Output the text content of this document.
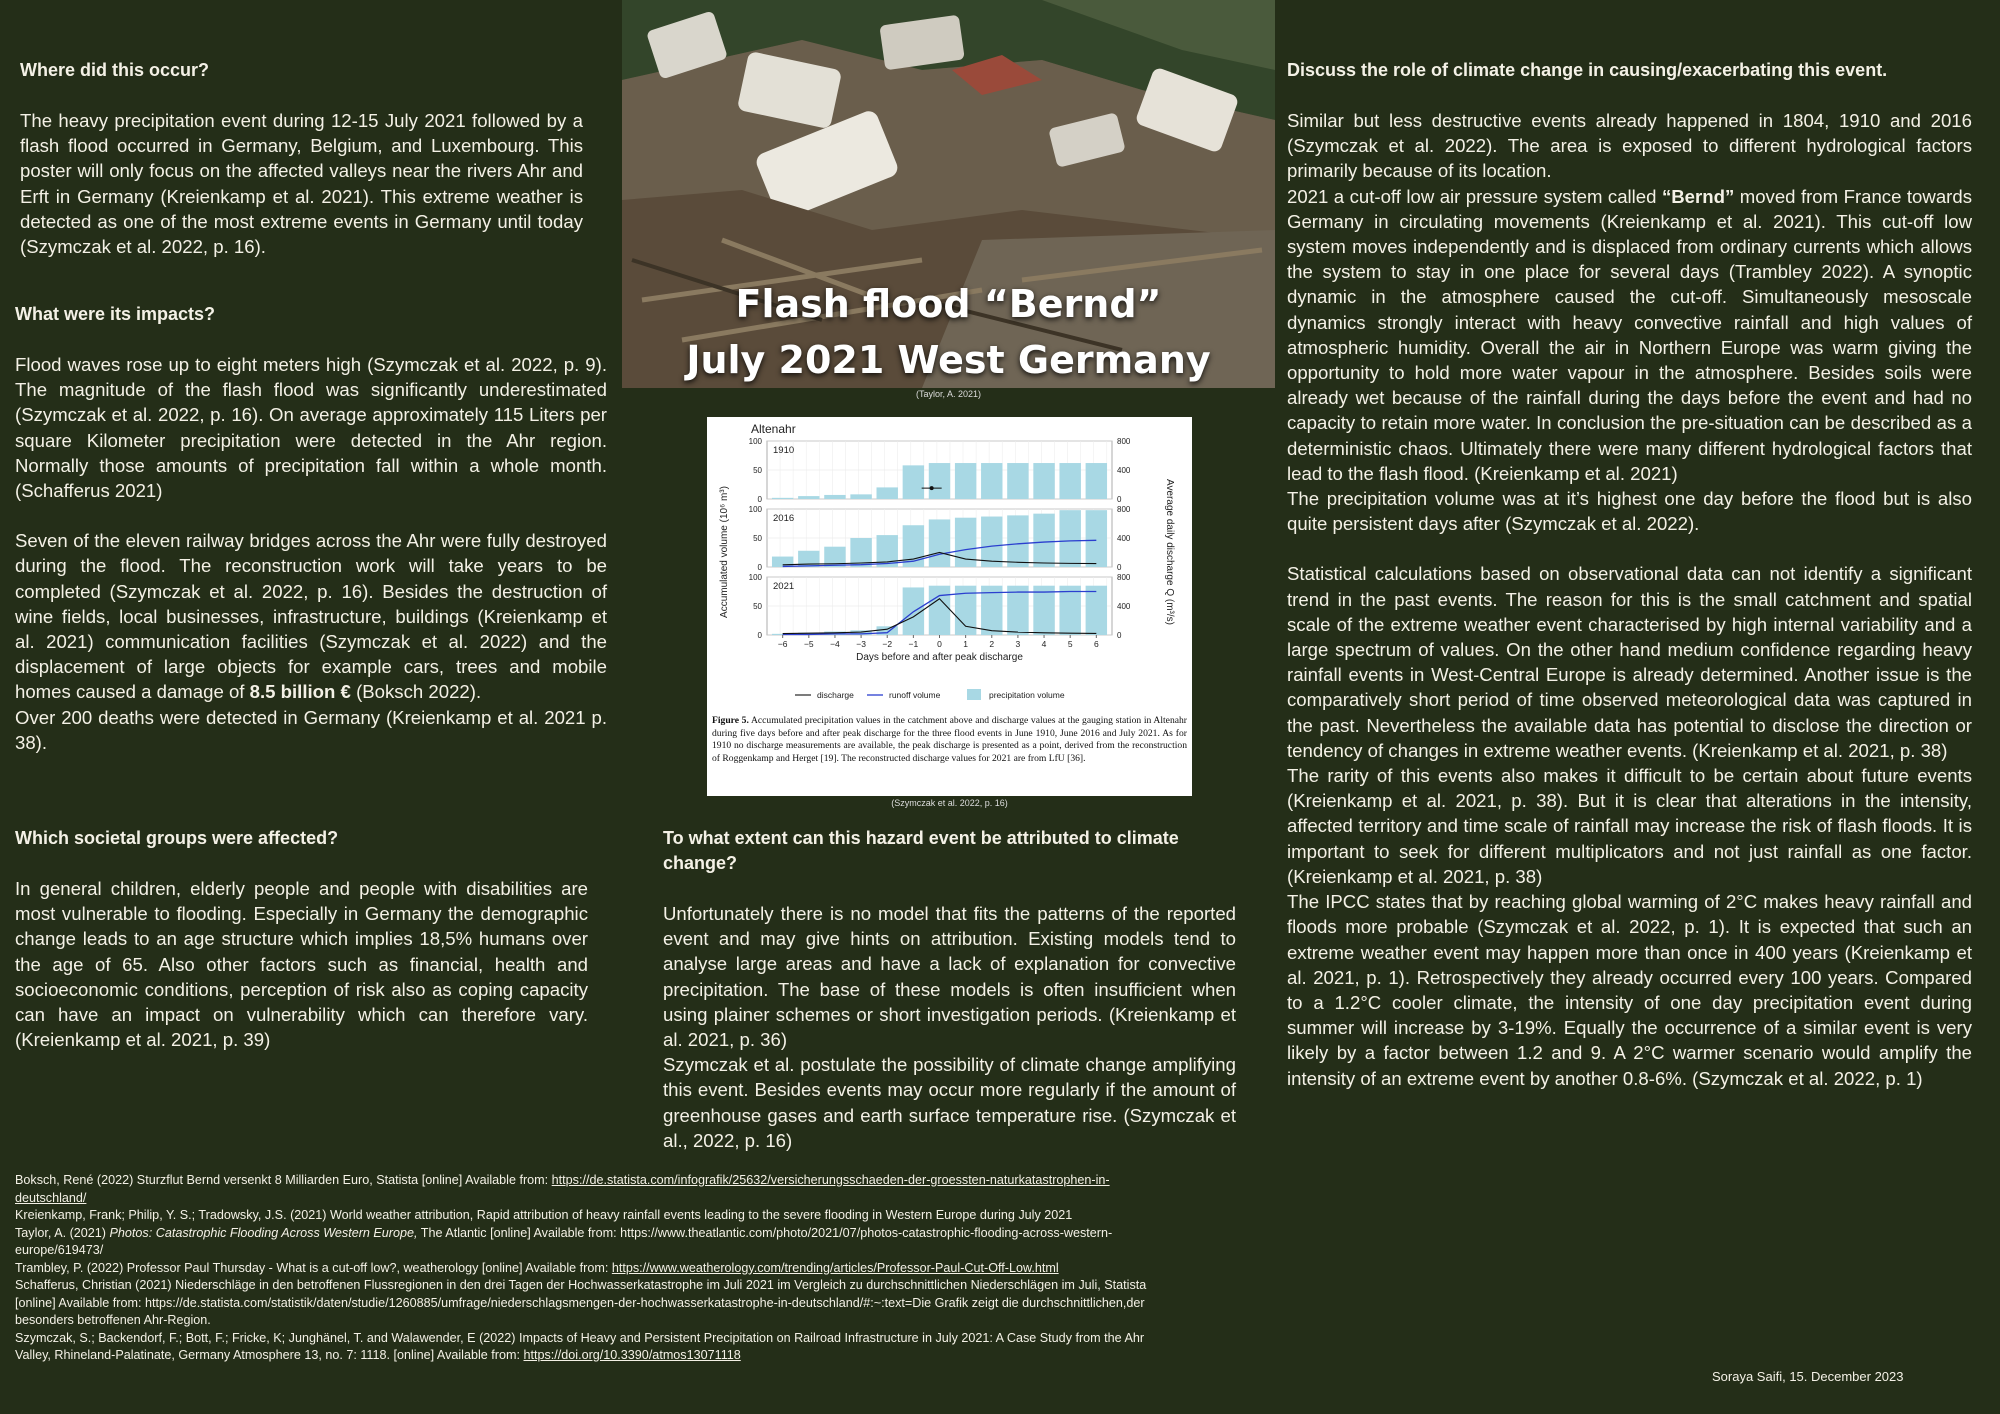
Where did this occur?

The heavy precipitation event during 12-15 July 2021 followed by a flash flood occurred in Germany, Belgium, and Luxembourg. This poster will only focus on the affected valleys near the rivers Ahr and Erft in Germany (Kreienkamp et al. 2021). This extreme weather is detected as one of the most extreme events in Germany until today (Szymczak et al. 2022, p. 16).

What were its impacts?

Flood waves rose up to eight meters high (Szymczak et al. 2022, p. 9). The magnitude of the flash flood was significantly underestimated (Szymczak et al. 2022, p. 16). On average approximately 115 Liters per square Kilometer precipitation were detected in the Ahr region. Normally those amounts of precipitation fall within a whole month. (Schafferus 2021)

Seven of the eleven railway bridges across the Ahr were fully destroyed during the flood. The reconstruction work will take years to be completed (Szymczak et al. 2022, p. 16). Besides the destruction of wine fields, local businesses, infrastructure, buildings (Kreienkamp et al. 2021) communication facilities (Szymczak et al. 2022) and the displacement of large objects for example cars, trees and mobile homes caused a damage of 8.5 billion € (Boksch 2022).

Over 200 deaths were detected in Germany (Kreienkamp et al. 2021 p. 38).

Which societal groups were affected?

In general children, elderly people and people with disabilities are most vulnerable to flooding. Especially in Germany the demographic change leads to an age structure which implies 18,5% humans over the age of 65. Also other factors such as financial, health and socioeconomic conditions, perception of risk also as coping capacity can have an impact on vulnerability which can therefore vary. (Kreienkamp et al. 2021, p. 39)

Flash flood “Bernd”
July 2021 West Germany
(Taylor, A. 2021)
Altenahr
0
50
100
0
400
800
1910
0
50
100
0
400
800
2016
0
50
100
0
400
800
2021
−6 −5 −4 −3 −2 −1 0	1	2	3	4	5	6
Days before and after peak discharge
Accumulated volume (10⁶ m³)	Average daily discharge Q (m³/s)
discharge	runoff volume	precipitation volume
Figure 5. Accumulated precipitation values in the catchment above and discharge values at the gauging station in Altenahr during five days before and after peak discharge for the three flood events in June 1910, June 2016 and July 2021. As for 1910 no discharge measurements are available, the peak discharge is presented as a point, derived from the reconstruction of Roggenkamp and Herget [19]. The reconstructed discharge values for 2021 are from LfU [36].
(Szymczak et al. 2022, p. 16)

To what extent can this hazard event be attributed to climate change?

Unfortunately there is no model that fits the patterns of the reported event and may give hints on attribution. Existing models tend to analyse large areas and have a lack of explanation for convective precipitation. The base of these models is often insufficient when using plainer schemes or short investigation periods. (Kreienkamp et al. 2021, p. 36)

Szymczak et al. postulate the possibility of climate change amplifying this event. Besides events may occur more regularly if the amount of greenhouse gases and earth surface temperature rise. (Szymczak et al., 2022, p. 16)

Discuss the role of climate change in causing/exacerbating this event.

Similar but less destructive events already happened in 1804, 1910 and 2016 (Szymczak et al. 2022). The area is exposed to different hydrological factors primarily because of its location.

2021 a cut-off low air pressure system called “Bernd” moved from France towards Germany in circulating movements (Kreienkamp et al. 2021). This cut-off low system moves independently and is displaced from ordinary currents which allows the system to stay in one place for several days (Trambley 2022). A synoptic dynamic in the atmosphere caused the cut-off. Simultaneously mesoscale dynamics strongly interact with heavy convective rainfall and high values of atmospheric humidity. Overall the air in Northern Europe was warm giving the opportunity to hold more water vapour in the atmosphere. Besides soils were already wet because of the rainfall during the days before the event and had no capacity to retain more water. In conclusion the pre-situation can be described as a deterministic chaos. Ultimately there were many different hydrological factors that lead to the flash flood. (Kreienkamp et al. 2021)

The precipitation volume was at it’s highest one day before the flood but is also quite persistent days after (Szymczak et al. 2022).

Statistical calculations based on observational data can not identify a significant trend in the past events. The reason for this is the small catchment and spatial scale of the extreme weather event characterised by high internal variability and a large spectrum of values. On the other hand medium confidence regarding heavy rainfall events in West-Central Europe is already determined. Another issue is the comparatively short period of time observed meteorological data was captured in the past. Nevertheless the available data has potential to disclose the direction or tendency of changes in extreme weather events. (Kreienkamp et al. 2021, p. 38)

The rarity of this events also makes it difficult to be certain about future events (Kreienkamp et al. 2021, p. 38). But it is clear that alterations in the intensity, affected territory and time scale of rainfall may increase the risk of flash floods. It is important to seek for different multiplicators and not just rainfall as one factor. (Kreienkamp et al. 2021, p. 38)

The IPCC states that by reaching global warming of 2°C makes heavy rainfall and floods more probable (Szymczak et al. 2022, p. 1). It is expected that such an extreme weather event may happen more than once in 400 years (Kreienkamp et al. 2021, p. 1). Retrospectively they already occurred every 100 years. Compared to a 1.2°C cooler climate, the intensity of one day precipitation event during summer will increase by 3-19%. Equally the occurrence of a similar event is very likely by a factor between 1.2 and 9. A 2°C warmer scenario would amplify the intensity of an extreme event by another 0.8-6%. (Szymczak et al. 2022, p. 1)

Boksch, René (2022) Sturzflut Bernd versenkt 8 Milliarden Euro, Statista [online] Available from: https://de.statista.com/infografik/25632/versicherungsschaeden-der-groessten-naturkatastrophen-in-deutschland/
Kreienkamp, Frank; Philip, Y. S.; Tradowsky, J.S. (2021) World weather attribution, Rapid attribution of heavy rainfall events leading to the severe flooding in Western Europe during July 2021
Taylor, A. (2021) Photos: Catastrophic Flooding Across Western Europe, The Atlantic [online] Available from: https://www.theatlantic.com/photo/2021/07/photos-catastrophic-flooding-across-western-europe/619473/
Trambley, P. (2022) Professor Paul Thursday - What is a cut-off low?, weatherology [online] Available from: https://www.weatherology.com/trending/articles/Professor-Paul-Cut-Off-Low.html
Schafferus, Christian (2021) Niederschläge in den betroffenen Flussregionen in den drei Tagen der Hochwasserkatastrophe im Juli 2021 im Vergleich zu durchschnittlichen Niederschlägen im Juli, Statista [online] Available from: https://de.statista.com/statistik/daten/studie/1260885/umfrage/niederschlagsmengen-der-hochwasserkatastrophe-in-deutschland/#:~:text=Die Grafik zeigt die durchschnittlichen,der besonders betroffenen Ahr-Region.
Szymczak, S.; Backendorf, F.; Bott, F.; Fricke, K; Junghänel, T. and Walawender, E (2022) Impacts of Heavy and Persistent Precipitation on Railroad Infrastructure in July 2021: A Case Study from the Ahr Valley, Rhineland-Palatinate, Germany Atmosphere 13, no. 7: 1118. [online] Available from: https://doi.org/10.3390/atmos13071118
Soraya Saifi, 15. December 2023
